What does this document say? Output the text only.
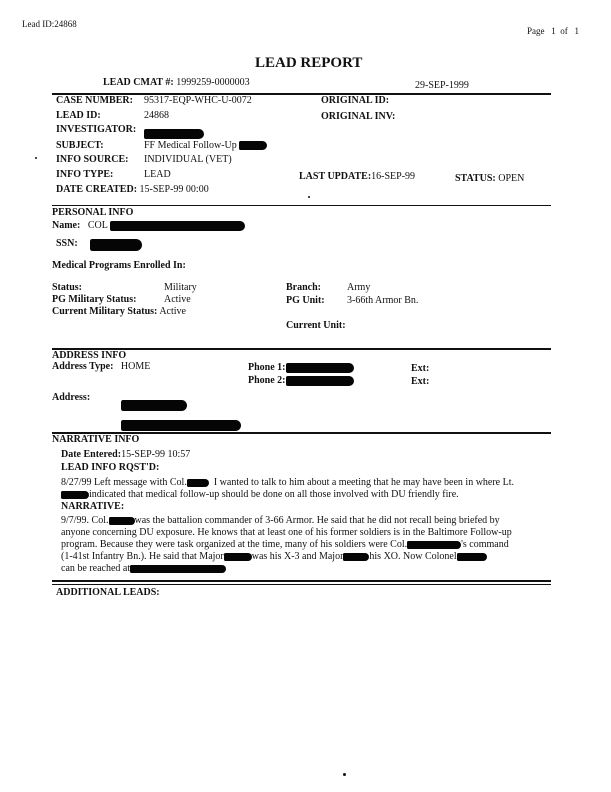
Lead ID:24868
Page 1 of 1
LEAD REPORT
LEAD CMAT #: 1999259-0000003	29-SEP-1999
CASE NUMBER: 95317-EQP-WHC-U-0072	ORIGINAL ID:
LEAD ID:	24868	ORIGINAL INV:
INVESTIGATOR:
SUBJECT:	FF Medical Follow-Up
INFO SOURCE: INDIVIDUAL (VET)
INFO TYPE:	LEAD	LAST UPDATE:16-SEP-99	STATUS: OPEN
DATE CREATED: 15-SEP-99 00:00
PERSONAL INFO
Name: COL
SSN:
Medical Programs Enrolled In:
Status:	Military	Branch:	Army
PG Military Status:	Active	PG Unit: 3-66th Armor Bn.
Current Military Status: Active
Current Unit:
ADDRESS INFO
Address Type: HOME	Phone 1:	Ext:
Phone 2:	Ext:
Address:
NARRATIVE INFO
Date Entered:15-SEP-99 10:57
LEAD INFO RQST'D:
8/27/99 Left message with Col.	I wanted to talk to him about a meeting that he may have been in where Lt.
indicated that medical follow-up should be done on all those involved with DU friendly fire.
NARRATIVE:
9/7/99. Col.	was the battalion commander of 3-66 Armor. He said that he did not recall being briefed by
anyone concerning DU exposure. He knows that at least one of his former soldiers is in the Baltimore Follow-up
program. Because they were task organized at the time, many of his soldiers were Col.	's command
(1-41st Infantry Bn.). He said that Major	was his X-3 and Major	his XO. Now Colonel
can be reached at
ADDITIONAL LEADS:
